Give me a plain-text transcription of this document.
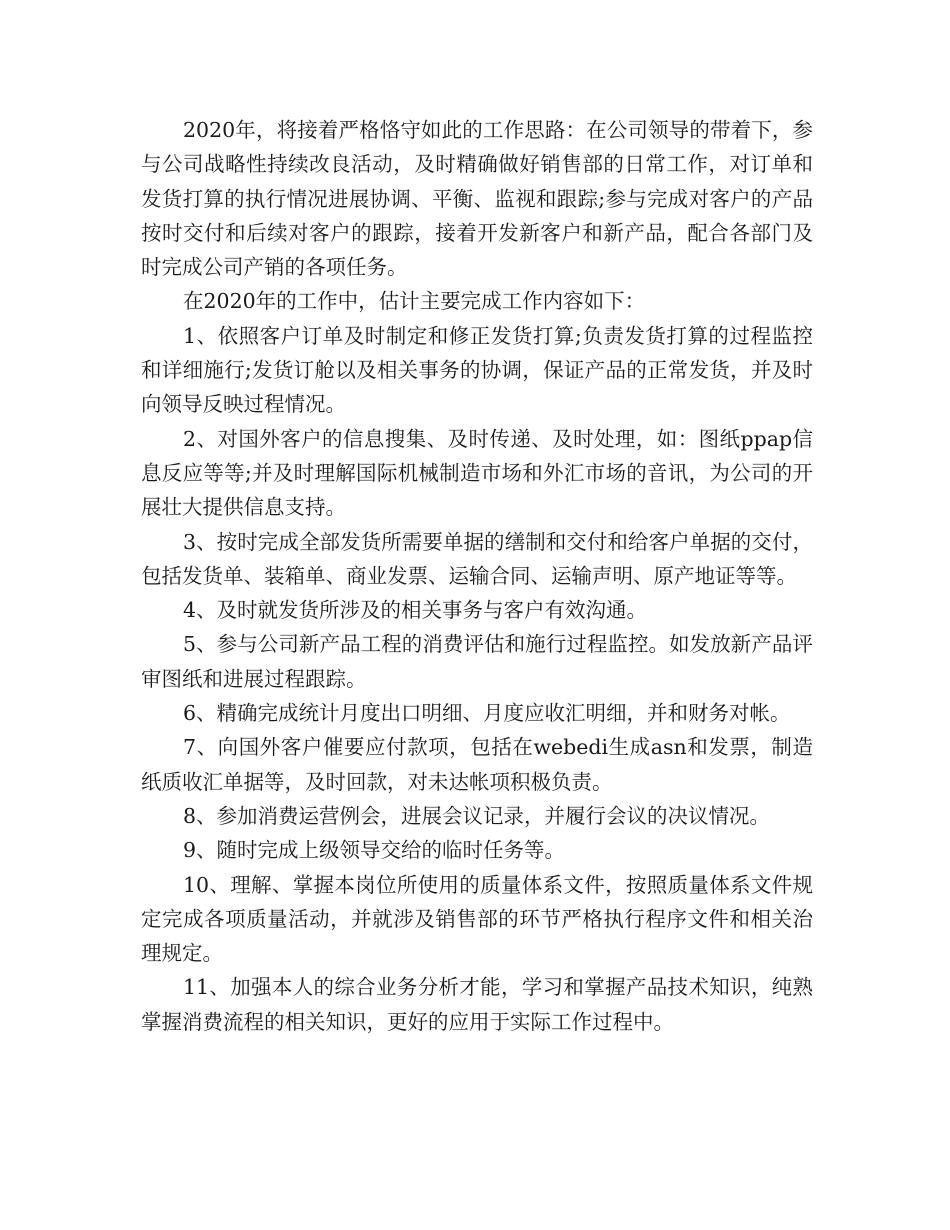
2020年，将接着严格恪守如此的工作思路：在公司领导的带着下，参与公司战略性持续改良活动，及时精确做好销售部的日常工作，对订单和发货打算的执行情况进展协调、平衡、监视和跟踪;参与完成对客户的产品按时交付和后续对客户的跟踪，接着开发新客户和新产品，配合各部门及时完成公司产销的各项任务。

在2020年的工作中，估计主要完成工作内容如下：

1、依照客户订单及时制定和修正发货打算;负责发货打算的过程监控和详细施行;发货订舱以及相关事务的协调，保证产品的正常发货，并及时向领导反映过程情况。

2、对国外客户的信息搜集、及时传递、及时处理，如：图纸ppap信息反应等等;并及时理解国际机械制造市场和外汇市场的音讯，为公司的开展壮大提供信息支持。

3、按时完成全部发货所需要单据的缮制和交付和给客户单据的交付，包括发货单、装箱单、商业发票、运输合同、运输声明、原产地证等等。

4、及时就发货所涉及的相关事务与客户有效沟通。

5、参与公司新产品工程的消费评估和施行过程监控。如发放新产品评审图纸和进展过程跟踪。

6、精确完成统计月度出口明细、月度应收汇明细，并和财务对帐。

7、向国外客户催要应付款项，包括在webedi生成asn和发票，制造纸质收汇单据等，及时回款，对未达帐项积极负责。

8、参加消费运营例会，进展会议记录，并履行会议的决议情况。

9、随时完成上级领导交给的临时任务等。

10、理解、掌握本岗位所使用的质量体系文件，按照质量体系文件规定完成各项质量活动，并就涉及销售部的环节严格执行程序文件和相关治理规定。

11、加强本人的综合业务分析才能，学习和掌握产品技术知识，纯熟掌握消费流程的相关知识，更好的应用于实际工作过程中。
